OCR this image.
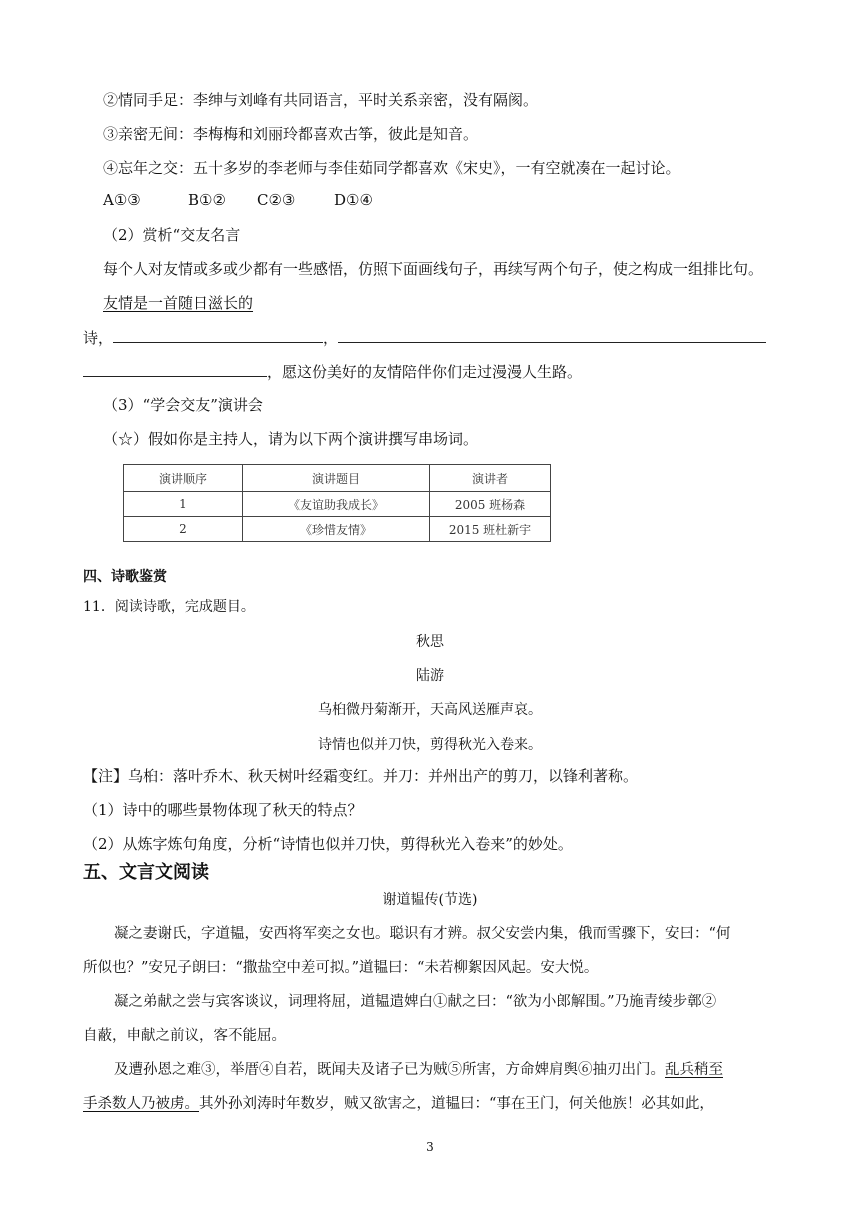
②情同手足：李绅与刘峰有共同语言，平时关系亲密，没有隔阂。
③亲密无间：李梅梅和刘丽玲都喜欢古筝，彼此是知音。
④忘年之交：五十多岁的李老师与李佳茹同学都喜欢《宋史》，一有空就凑在一起讨论。
A①③	B①② C②③	D①④
（2）赏析“交友名言
每个人对友情或多或少都有一些感悟，仿照下面画线句子，再续写两个句子，使之构成一组排比句。
友情是一首随日滋长的
诗，	，
，愿这份美好的友情陪伴你们走过漫漫人生路。
（3）“学会交友”演讲会
（☆）假如你是主持人，请为以下两个演讲撰写串场词。
演讲顺序	演讲题目	演讲者
1	《友谊助我成长》	2005 班杨森
2	《珍惜友情》	2015 班杜新宇
四、诗歌鉴赏
11．阅读诗歌，完成题目。
秋思
陆游
乌桕微丹菊渐开，天高风送雁声哀。
诗情也似并刀快，剪得秋光入卷来。
【注】乌桕：落叶乔木、秋天树叶经霜变红。并刀：并州出产的剪刀，以锋利著称。
（1）诗中的哪些景物体现了秋天的特点？
（2）从炼字炼句角度，分析“诗情也似并刀快，剪得秋光入卷来”的妙处。
五、文言文阅读
谢道韫传(节选)
凝之妻谢氏，字道韫，安西将军奕之女也。聪识有才辨。叔父安尝内集，俄而雪骤下，安曰：“何
所似也？”安兄子朗曰：“撒盐空中差可拟。”道韫曰：“未若柳絮因风起。安大悦。
凝之弟献之尝与宾客谈议，词理将屈，道韫遣婢白①献之曰：“欲为小郎解围。”乃施青绫步鄣②
自蔽，申献之前议，客不能屈。
及遭孙恩之难③，举厝④自若，既闻夫及诸子已为贼⑤所害，方命婢肩舆⑥抽刃出门。乱兵稍至
手杀数人乃被虏。其外孙刘涛时年数岁，贼又欲害之，道韫曰：“事在王门，何关他族！必其如此，
3
